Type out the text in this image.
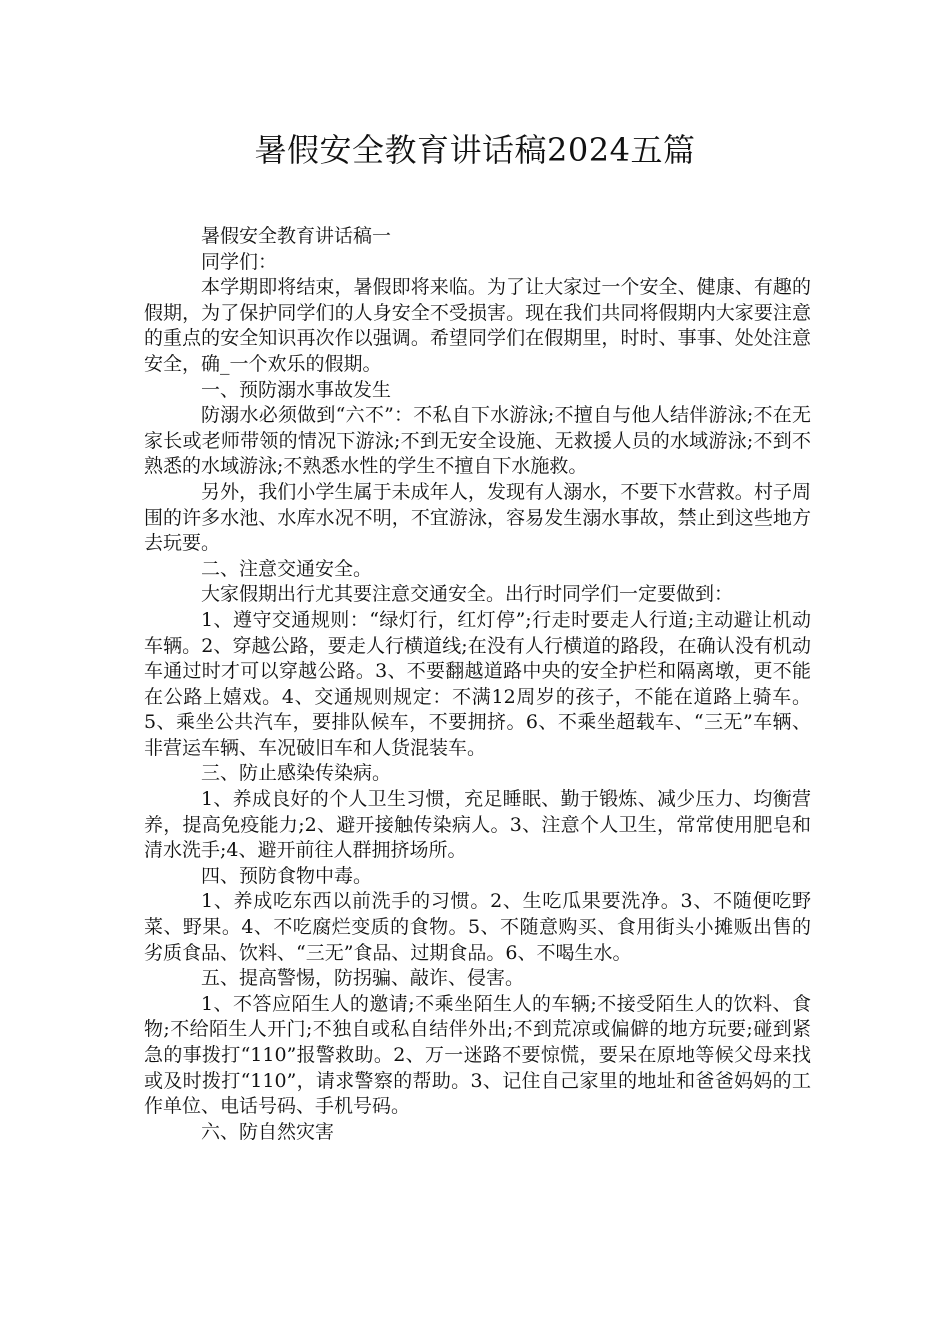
暑假安全教育讲话稿2024五篇

暑假安全教育讲话稿一

同学们：

本学期即将结束，暑假即将来临。为了让大家过一个安全、健康、有趣的假期，为了保护同学们的人身安全不受损害。现在我们共同将假期内大家要注意的重点的安全知识再次作以强调。希望同学们在假期里，时时、事事、处处注意安全，确_一个欢乐的假期。

一、预防溺水事故发生

防溺水必须做到“六不”：不私自下水游泳;不擅自与他人结伴游泳;不在无家长或老师带领的情况下游泳;不到无安全设施、无救援人员的水域游泳;不到不熟悉的水域游泳;不熟悉水性的学生不擅自下水施救。

另外，我们小学生属于未成年人，发现有人溺水，不要下水营救。村子周围的许多水池、水库水况不明，不宜游泳，容易发生溺水事故，禁止到这些地方去玩要。

二、注意交通安全。

大家假期出行尤其要注意交通安全。出行时同学们一定要做到：

1、遵守交通规则：“绿灯行，红灯停”;行走时要走人行道;主动避让机动车辆。2、穿越公路，要走人行横道线;在没有人行横道的路段，在确认没有机动车通过时才可以穿越公路。3、不要翻越道路中央的安全护栏和隔离墩，更不能在公路上嬉戏。4、交通规则规定：不满12周岁的孩子，不能在道路上骑车。5、乘坐公共汽车，要排队候车，不要拥挤。6、不乘坐超载车、“三无”车辆、非营运车辆、车况破旧车和人货混装车。

三、防止感染传染病。

1、养成良好的个人卫生习惯，充足睡眠、勤于锻炼、减少压力、均衡营养，提高免疫能力;2、避开接触传染病人。3、注意个人卫生，常常使用肥皂和清水洗手;4、避开前往人群拥挤场所。

四、预防食物中毒。

1、养成吃东西以前洗手的习惯。2、生吃瓜果要洗净。3、不随便吃野菜、野果。4、不吃腐烂变质的食物。5、不随意购买、食用街头小摊贩出售的劣质食品、饮料、“三无”食品、过期食品。6、不喝生水。

五、提高警惕，防拐骗、敲诈、侵害。

1、不答应陌生人的邀请;不乘坐陌生人的车辆;不接受陌生人的饮料、食物;不给陌生人开门;不独自或私自结伴外出;不到荒凉或偏僻的地方玩要;碰到紧急的事拨打“110”报警救助。2、万一迷路不要惊慌，要呆在原地等候父母来找或及时拨打“110”，请求警察的帮助。3、记住自己家里的地址和爸爸妈妈的工作单位、电话号码、手机号码。

六、防自然灾害
